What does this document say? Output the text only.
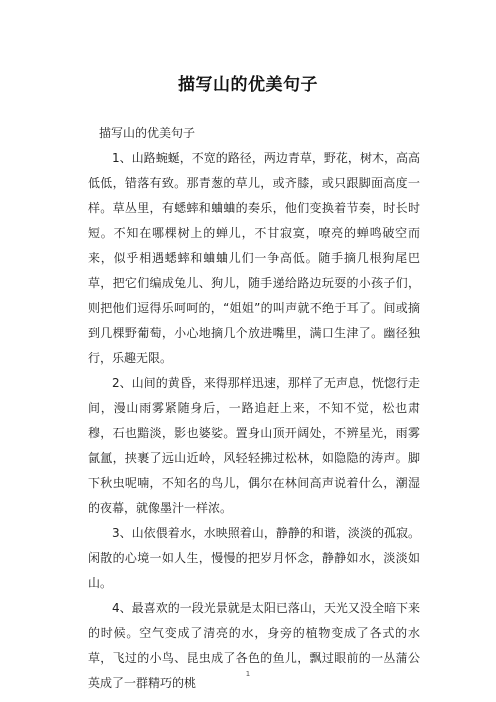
描写山的优美句子

描写山的优美句子

1、山路蜿蜒，不宽的路径，两边青草，野花，树木，高高低低，错落有致。那青葱的草儿，或齐膝，或只跟脚面高度一样。草丛里，有蟋蟀和蛐蛐的奏乐，他们变换着节奏，时长时短。不知在哪棵树上的蝉儿，不甘寂寞，嘹亮的蝉鸣破空而来，似乎相遇蟋蟀和蛐蛐儿们一争高低。随手摘几根狗尾巴草，把它们编成兔儿、狗儿，随手递给路边玩耍的小孩子们，则把他们逗得乐呵呵的，“姐姐”的叫声就不绝于耳了。间或摘到几棵野葡萄，小心地摘几个放进嘴里，满口生津了。幽径独行，乐趣无限。

2、山间的黄昏，来得那样迅速，那样了无声息，恍惚行走间，漫山雨雾紧随身后，一路追赶上来，不知不觉，松也肃穆，石也黯淡，影也婆娑。置身山顶开阔处，不辨星光，雨雾氤氲，挟裹了远山近岭，风轻轻拂过松林，如隐隐的涛声。脚下秋虫呢喃，不知名的鸟儿，偶尔在林间高声说着什么，潮湿的夜幕，就像墨汁一样浓。

3、山依偎着水，水映照着山，静静的和谐，淡淡的孤寂。闲散的心境一如人生，慢慢的把岁月怀念，静静如水，淡淡如山。

4、最喜欢的一段光景就是太阳已落山，天光又没全暗下来的时候。空气变成了清亮的水，身旁的植物变成了各式的水草，飞过的小鸟、昆虫成了各色的鱼儿，飘过眼前的一丛蒲公英成了一群精巧的桃

1
